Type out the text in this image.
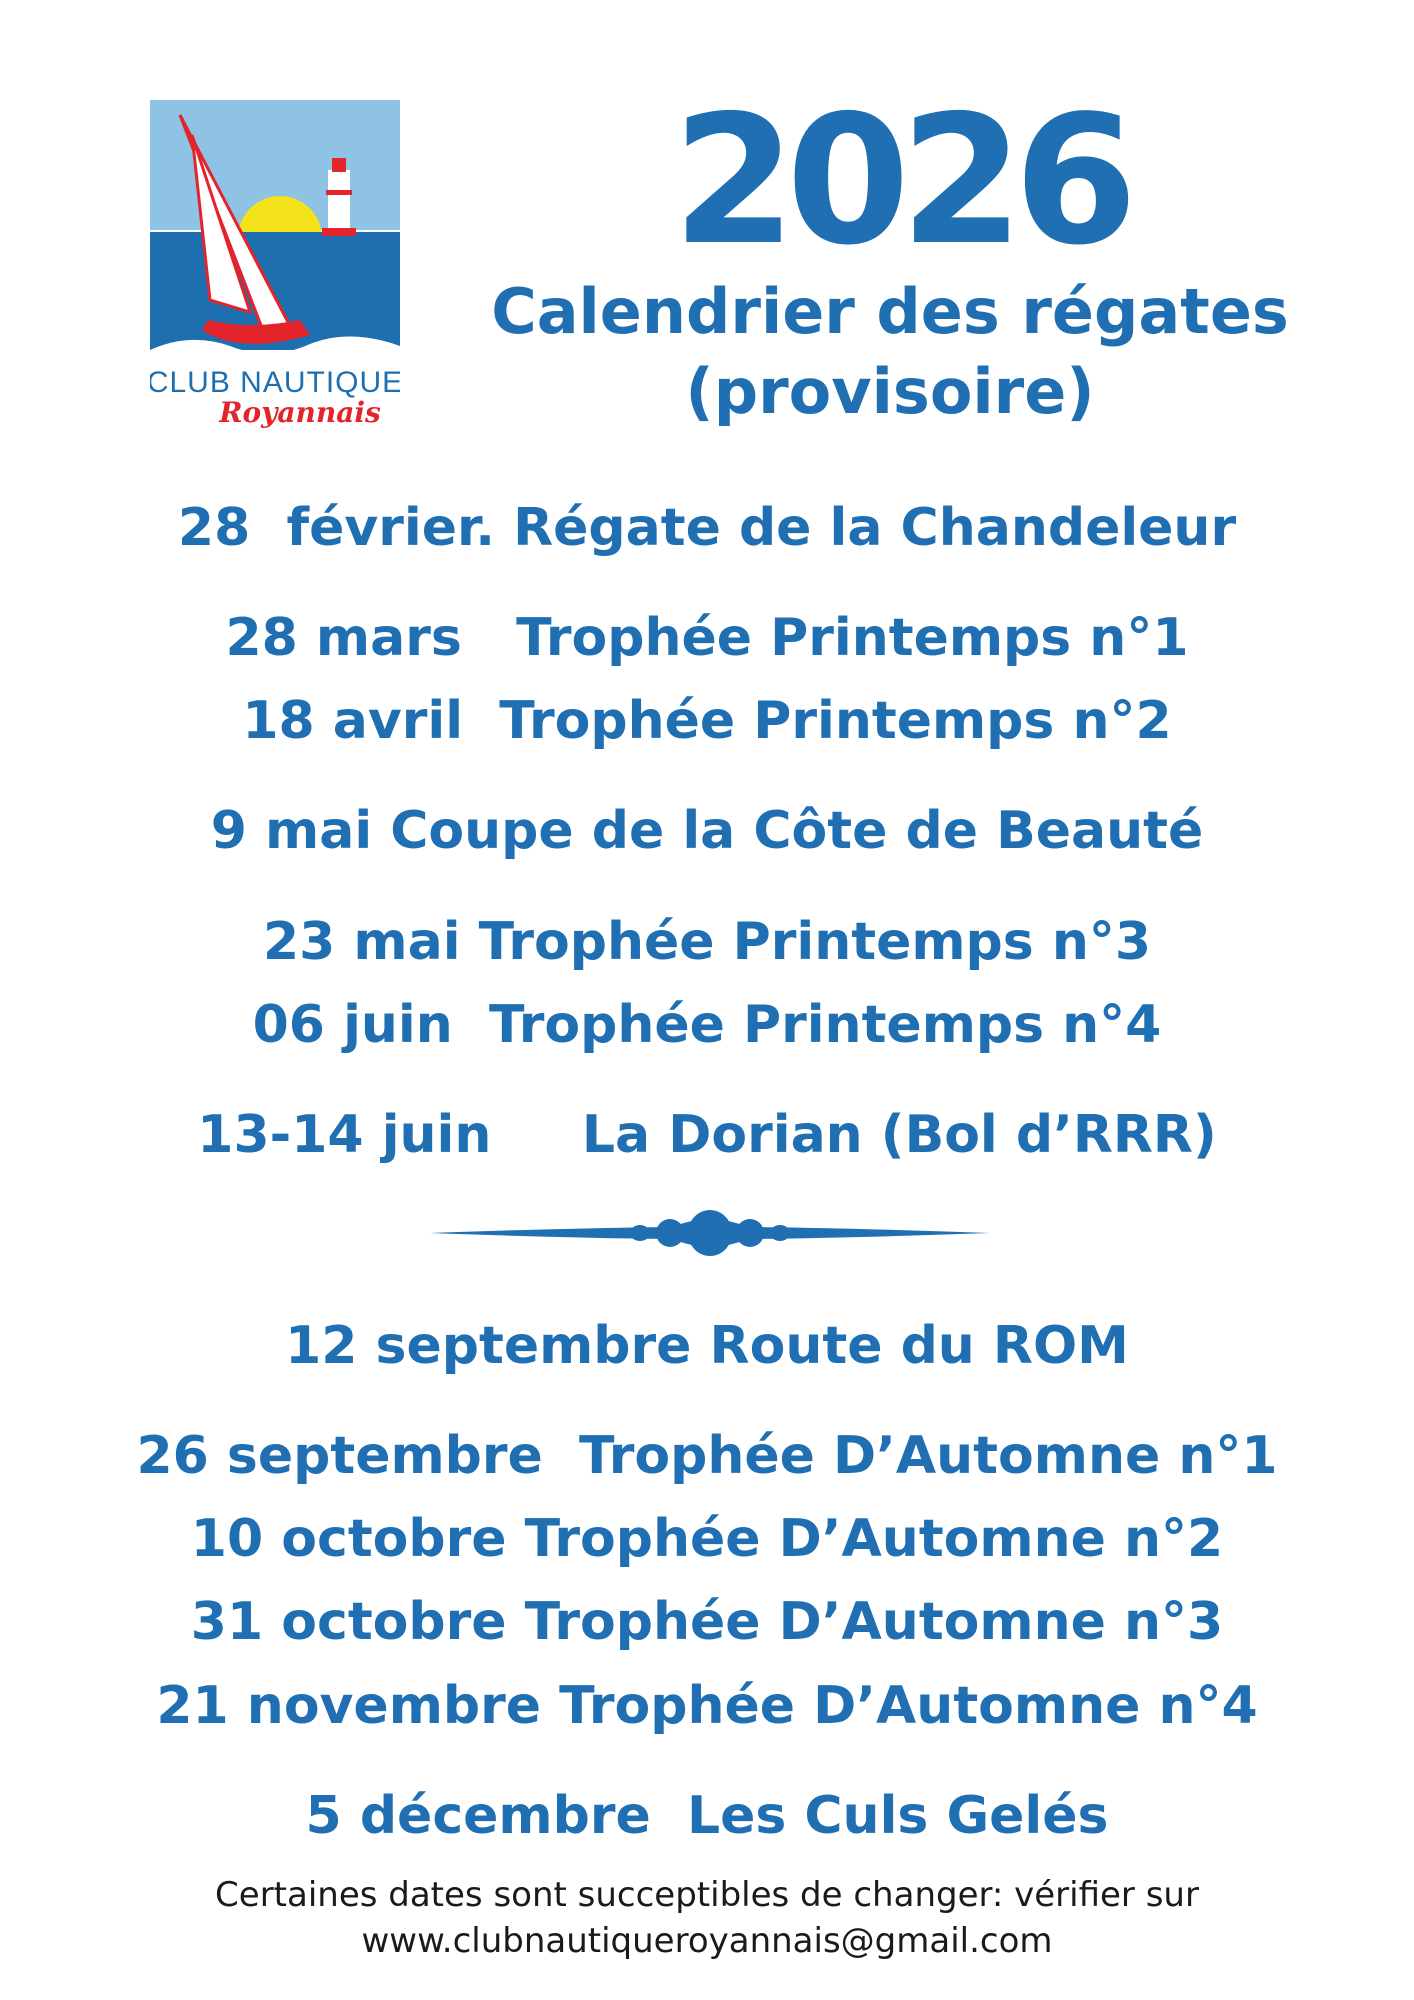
CLUB NAUTIQUE
Royannais
2026
Calendrier des régates
(provisoire)
28  février. Régate de la Chandeleur
28 mars   Trophée Printemps n°1
18 avril  Trophée Printemps n°2
9 mai Coupe de la Côte de Beauté
23 mai Trophée Printemps n°3
06 juin  Trophée Printemps n°4
13-14 juin     La Dorian (Bol d’RRR)
12 septembre Route du ROM
26 septembre  Trophée D’Automne n°1
10 octobre Trophée D’Automne n°2
31 octobre Trophée D’Automne n°3
21 novembre Trophée D’Automne n°4
5 décembre  Les Culs Gelés
Certaines dates sont succeptibles de changer: vérifier sur
www.clubnautiqueroyannais@gmail.com
